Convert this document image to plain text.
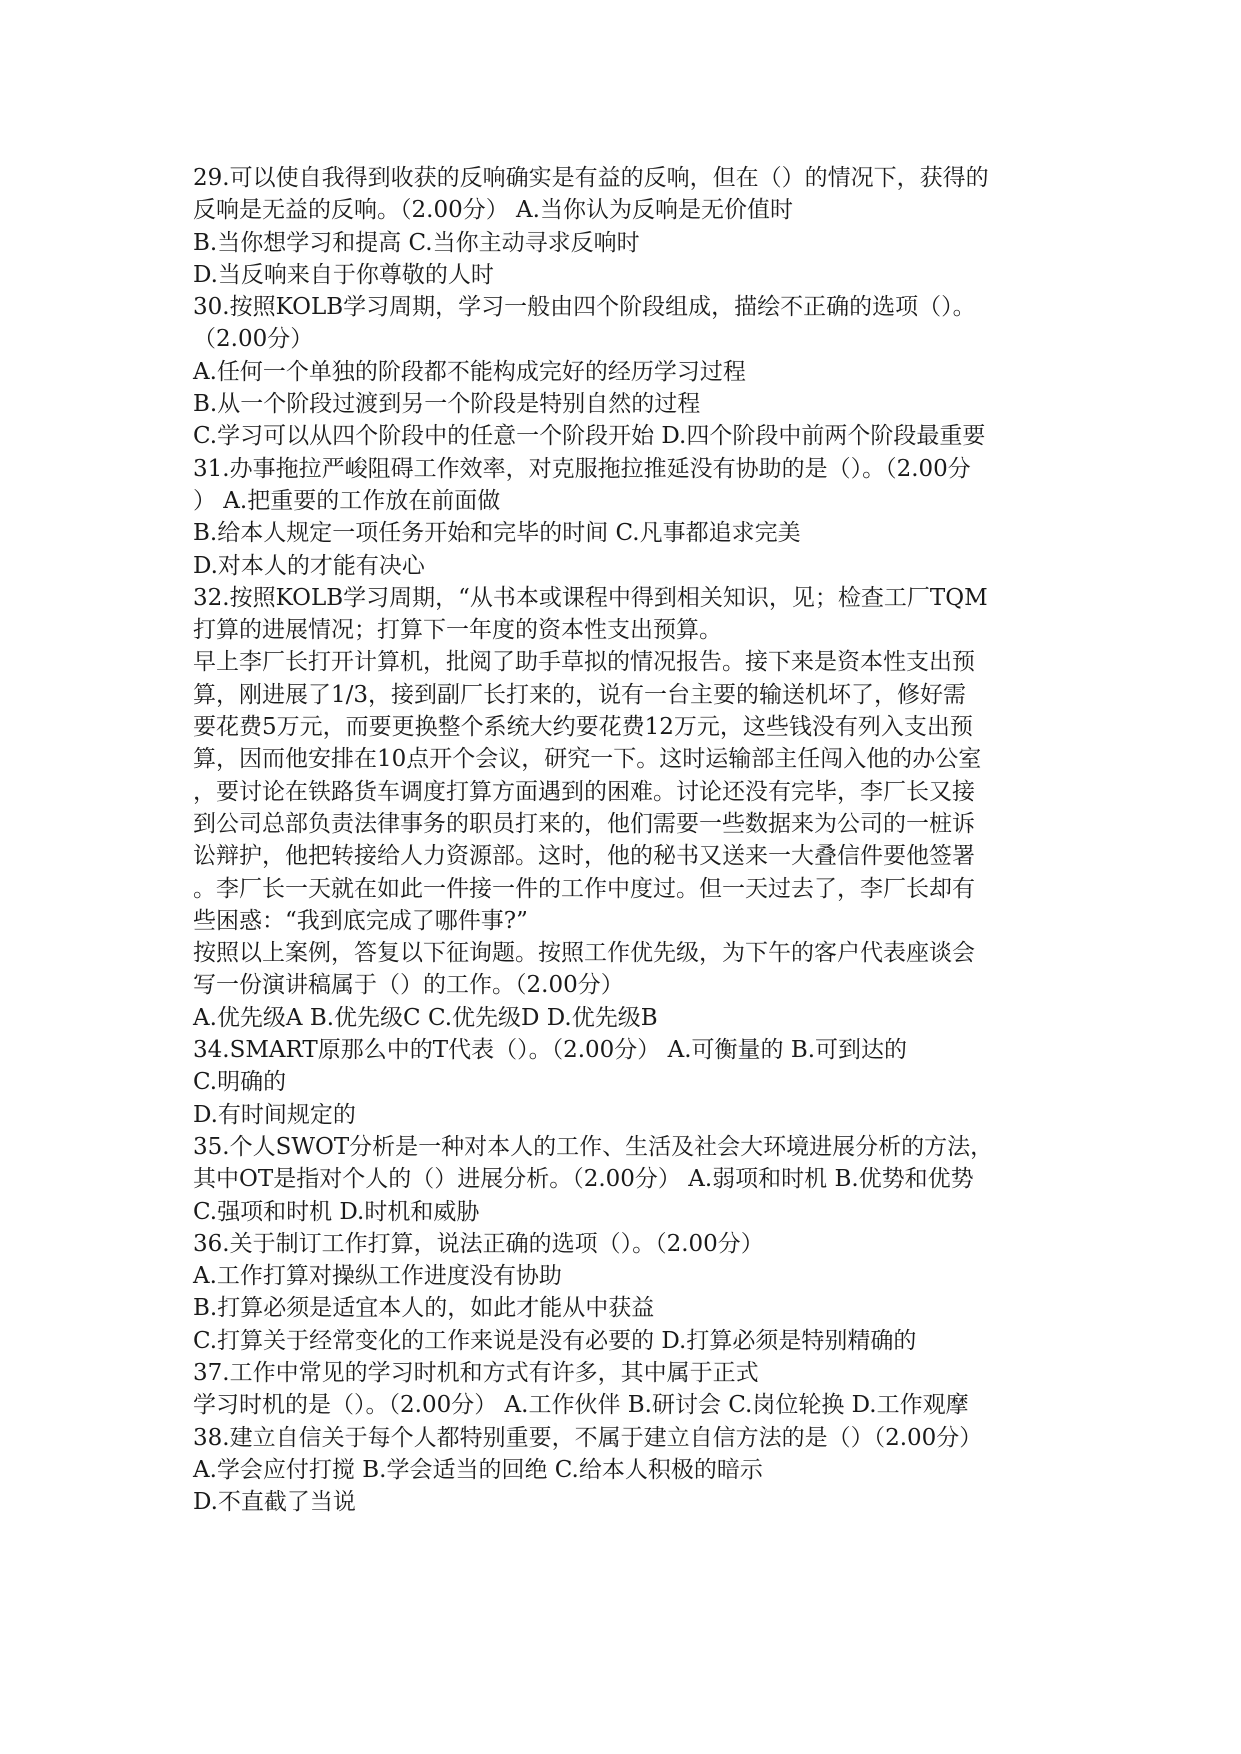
29.可以使自我得到收获的反响确实是有益的反响，但在（）的情况下，获得的
反响是无益的反响。（2.00分） A.当你认为反响是无价值时
B.当你想学习和提高 C.当你主动寻求反响时
D.当反响来自于你尊敬的人时
30.按照KOLB学习周期，学习一般由四个阶段组成，描绘不正确的选项（）。
（2.00分）
A.任何一个单独的阶段都不能构成完好的经历学习过程
B.从一个阶段过渡到另一个阶段是特别自然的过程
C.学习可以从四个阶段中的任意一个阶段开始 D.四个阶段中前两个阶段最重要
31.办事拖拉严峻阻碍工作效率，对克服拖拉推延没有协助的是（）。（2.00分
） A.把重要的工作放在前面做
B.给本人规定一项任务开始和完毕的时间 C.凡事都追求完美
D.对本人的才能有决心
32.按照KOLB学习周期，“从书本或课程中得到相关知识，见；检查工厂TQM
打算的进展情况；打算下一年度的资本性支出预算。
早上李厂长打开计算机，批阅了助手草拟的情况报告。接下来是资本性支出预
算，刚进展了1/3，接到副厂长打来的，说有一台主要的输送机坏了，修好需
要花费5万元，而要更换整个系统大约要花费12万元，这些钱没有列入支出预
算，因而他安排在10点开个会议，研究一下。这时运输部主任闯入他的办公室
，要讨论在铁路货车调度打算方面遇到的困难。讨论还没有完毕，李厂长又接
到公司总部负责法律事务的职员打来的，他们需要一些数据来为公司的一桩诉
讼辩护，他把转接给人力资源部。这时，他的秘书又送来一大叠信件要他签署
。李厂长一天就在如此一件接一件的工作中度过。但一天过去了，李厂长却有
些困惑：“我到底完成了哪件事?”
按照以上案例，答复以下征询题。按照工作优先级，为下午的客户代表座谈会
写一份演讲稿属于（）的工作。（2.00分）
A.优先级A B.优先级C C.优先级D D.优先级B
34.SMART原那么中的T代表（）。（2.00分） A.可衡量的 B.可到达的
C.明确的
D.有时间规定的
35.个人SWOT分析是一种对本人的工作、生活及社会大环境进展分析的方法，
其中OT是指对个人的（）进展分析。（2.00分） A.弱项和时机 B.优势和优势
C.强项和时机 D.时机和威胁
36.关于制订工作打算，说法正确的选项（）。（2.00分）
A.工作打算对操纵工作进度没有协助
B.打算必须是适宜本人的，如此才能从中获益
C.打算关于经常变化的工作来说是没有必要的 D.打算必须是特别精确的
37.工作中常见的学习时机和方式有许多，其中属于正式
学习时机的是（）。（2.00分） A.工作伙伴 B.研讨会 C.岗位轮换 D.工作观摩
38.建立自信关于每个人都特别重要，不属于建立自信方法的是（）（2.00分）
A.学会应付打搅 B.学会适当的回绝 C.给本人积极的暗示
D.不直截了当说
